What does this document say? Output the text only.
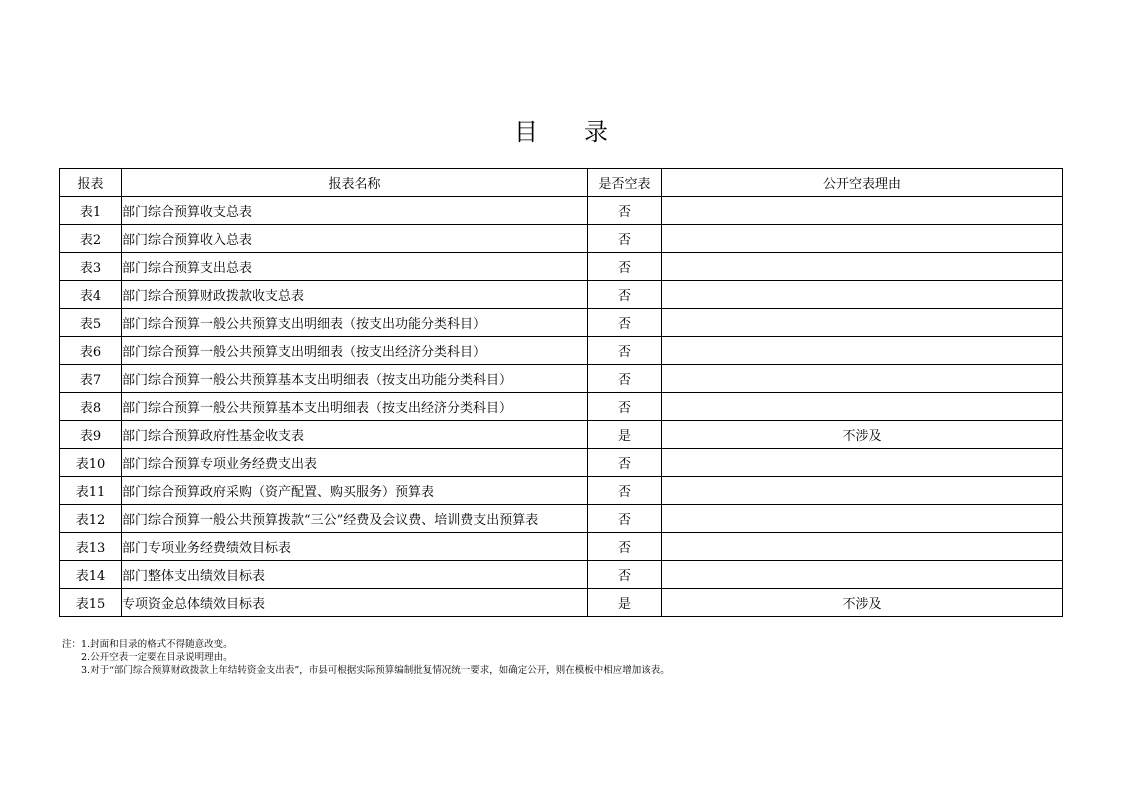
目 录
报表	报表名称	是否空表	公开空表理由
表1	部门综合预算收支总表	否	
表2	部门综合预算收入总表	否	
表3	部门综合预算支出总表	否	
表4	部门综合预算财政拨款收支总表	否	
表5	部门综合预算一般公共预算支出明细表（按支出功能分类科目）	否	
表6	部门综合预算一般公共预算支出明细表（按支出经济分类科目）	否	
表7	部门综合预算一般公共预算基本支出明细表（按支出功能分类科目）	否	
表8	部门综合预算一般公共预算基本支出明细表（按支出经济分类科目）	否	
表9	部门综合预算政府性基金收支表	是	不涉及
表10	部门综合预算专项业务经费支出表	否	
表11	部门综合预算政府采购（资产配置、购买服务）预算表	否	
表12	部门综合预算一般公共预算拨款“三公”经费及会议费、培训费支出预算表	否	
表13	部门专项业务经费绩效目标表	否	
表14	部门整体支出绩效目标表	否	
表15	专项资金总体绩效目标表	是	不涉及
注：1.封面和目录的格式不得随意改变。
2.公开空表一定要在目录说明理由。
3.对于“部门综合预算财政拨款上年结转资金支出表”，市县可根据实际预算编制批复情况统一要求，如确定公开，则在模板中相应增加该表。
